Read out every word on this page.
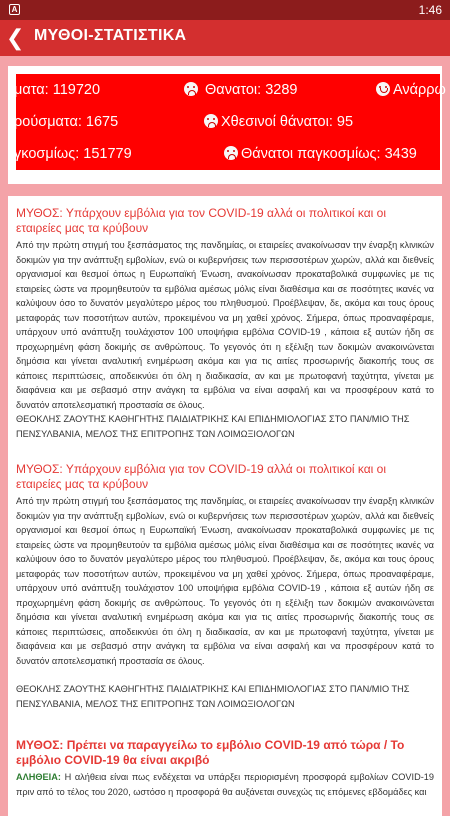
A	1:46
❮ ΜΥΘΟΙ-ΣΤΑΤΙΣΤΙΚΑ
ματα: 119720	Θανατοι: 3289	Ανάρρω
ρούσματα: 1675	Χθεσινοί θάνατοι: 95
γκοσμίως: 151779	Θάνατοι παγκοσμίως: 3439
ΜΥΘΟΣ: Υπάρχουν εμβόλια για τον COVID-19 αλλά οι πολιτικοί και οι εταιρείες μας τα κρύβουν
Από την πρώτη στιγμή του ξεσπάσματος της πανδημίας, οι εταιρείες ανακοίνωσαν την έναρξη κλινικών δοκιμών για την ανάπτυξη εμβολίων, ενώ οι κυβερνήσεις των περισσοτέρων χωρών, αλλά και διεθνείς οργανισμοί και θεσμοί όπως η Ευρωπαϊκή Ένωση, ανακοίνωσαν προκαταβολικά συμφωνίες με τις εταιρείες ώστε να προμηθευτούν τα εμβόλια αμέσως μόλις είναι διαθέσιμα και σε ποσότητες ικανές να καλύψουν όσο το δυνατόν μεγαλύτερο μέρος του πληθυσμού. Προέβλεψαν, δε, ακόμα και τους όρους μεταφοράς των ποσοτήτων αυτών, προκειμένου να μη χαθεί χρόνος. Σήμερα, όπως προαναφέραμε, υπάρχουν υπό ανάπτυξη τουλάχιστον 100 υποψήφια εμβόλια COVID-19 , κάποια εξ αυτών ήδη σε προχωρημένη φάση δοκιμής σε ανθρώπους. Το γεγονός ότι η εξέλιξη των δοκιμών ανακοινώνεται δημόσια και γίνεται αναλυτική ενημέρωση ακόμα και για τις αιτίες προσωρινής διακοπής τους σε κάποιες περιπτώσεις, αποδεικνύει ότι όλη η διαδικασία, αν και με πρωτοφανή ταχύτητα, γίνεται με διαφάνεια και με σεβασμό στην ανάγκη τα εμβόλια να είναι ασφαλή και να προσφέρουν κατά το δυνατόν αποτελεσματική προστασία σε όλους.
ΘΕΟΚΛΗΣ ΖΑΟΥΤΗΣ ΚΑΘΗΓΗΤΗΣ ΠΑΙΔΙΑΤΡΙΚΗΣ ΚΑΙ ΕΠΙΔΗΜΙΟΛΟΓΙΑΣ ΣΤΟ ΠΑΝ/ΜΙΟ ΤΗΣ ΠΕΝΣΥΛΒΑΝΙΑ, ΜΕΛΟΣ ΤΗΣ ΕΠΙΤΡΟΠΗΣ ΤΩΝ ΛΟΙΜΩΞΙΟΛΟΓΩΝ
ΜΥΘΟΣ: Υπάρχουν εμβόλια για τον COVID-19 αλλά οι πολιτικοί και οι εταιρείες μας τα κρύβουν
Από την πρώτη στιγμή του ξεσπάσματος της πανδημίας, οι εταιρείες ανακοίνωσαν την έναρξη κλινικών δοκιμών για την ανάπτυξη εμβολίων, ενώ οι κυβερνήσεις των περισσοτέρων χωρών, αλλά και διεθνείς οργανισμοί και θεσμοί όπως η Ευρωπαϊκή Ένωση, ανακοίνωσαν προκαταβολικά συμφωνίες με τις εταιρείες ώστε να προμηθευτούν τα εμβόλια αμέσως μόλις είναι διαθέσιμα και σε ποσότητες ικανές να καλύψουν όσο το δυνατόν μεγαλύτερο μέρος του πληθυσμού. Προέβλεψαν, δε, ακόμα και τους όρους μεταφοράς των ποσοτήτων αυτών, προκειμένου να μη χαθεί χρόνος. Σήμερα, όπως προαναφέραμε, υπάρχουν υπό ανάπτυξη τουλάχιστον 100 υποψήφια εμβόλια COVID-19 , κάποια εξ αυτών ήδη σε προχωρημένη φάση δοκιμής σε ανθρώπους. Το γεγονός ότι η εξέλιξη των δοκιμών ανακοινώνεται δημόσια και γίνεται αναλυτική ενημέρωση ακόμα και για τις αιτίες προσωρινής διακοπής τους σε κάποιες περιπτώσεις, αποδεικνύει ότι όλη η διαδικασία, αν και με πρωτοφανή ταχύτητα, γίνεται με διαφάνεια και με σεβασμό στην ανάγκη τα εμβόλια να είναι ασφαλή και να προσφέρουν κατά το δυνατόν αποτελεσματική προστασία σε όλους.
ΘΕΟΚΛΗΣ ΖΑΟΥΤΗΣ ΚΑΘΗΓΗΤΗΣ ΠΑΙΔΙΑΤΡΙΚΗΣ ΚΑΙ ΕΠΙΔΗΜΙΟΛΟΓΙΑΣ ΣΤΟ ΠΑΝ/ΜΙΟ ΤΗΣ ΠΕΝΣΥΛΒΑΝΙΑ, ΜΕΛΟΣ ΤΗΣ ΕΠΙΤΡΟΠΗΣ ΤΩΝ ΛΟΙΜΩΞΙΟΛΟΓΩΝ
ΜΥΘΟΣ: Πρέπει να παραγγείλω το εμβόλιο COVID-19 από τώρα / Το εμβόλιο COVID-19 θα είναι ακριβό
ΑΛΗΘΕΙΑ: Η αλήθεια είναι πως ενδέχεται να υπάρξει περιορισμένη προσφορά εμβολίων COVID-19 πριν από το τέλος του 2020, ωστόσο η προσφορά θα αυξάνεται συνεχώς τις επόμενες εβδομάδες και
